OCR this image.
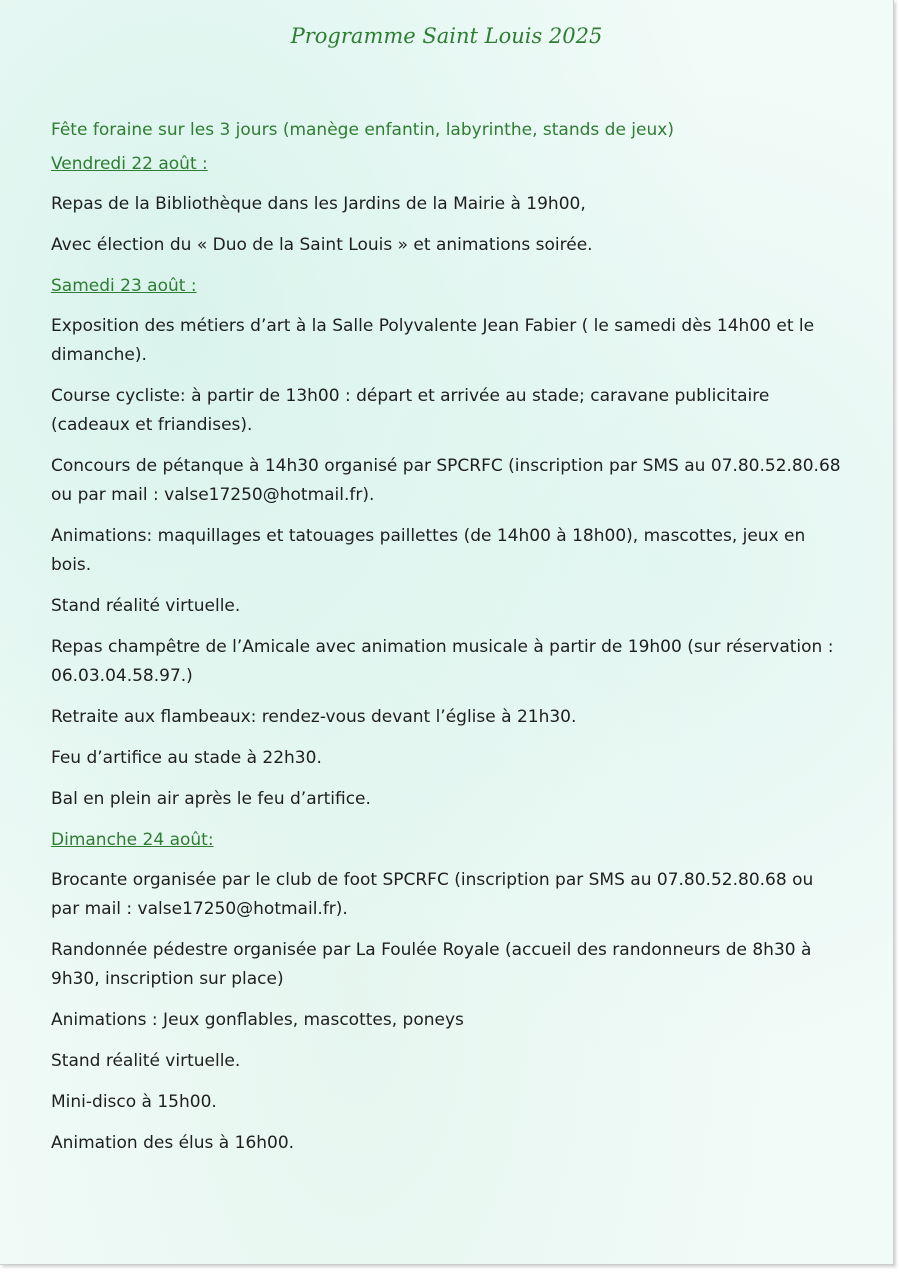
Programme Saint Louis 2025

Fête foraine sur les 3 jours (manège enfantin, labyrinthe, stands de jeux)

Vendredi 22 août :

Repas de la Bibliothèque dans les Jardins de la Mairie à 19h00,

Avec élection du « Duo de la Saint Louis » et animations soirée.

Samedi 23 août :

Exposition des métiers d’art à la Salle Polyvalente Jean Fabier ( le samedi dès 14h00 et le dimanche).

Course cycliste: à partir de 13h00 : départ et arrivée au stade; caravane publicitaire (cadeaux et friandises).

Concours de pétanque à 14h30 organisé par SPCRFC (inscription par SMS au 07.80.52.80.68 ou par mail : valse17250@hotmail.fr).

Animations: maquillages et tatouages paillettes (de 14h00 à 18h00), mascottes, jeux en bois.

Stand réalité virtuelle.

Repas champêtre de l’Amicale avec animation musicale à partir de 19h00 (sur réservation : 06.03.04.58.97.)

Retraite aux flambeaux: rendez-vous devant l’église à 21h30.

Feu d’artifice au stade à 22h30.

Bal en plein air après le feu d’artifice.

Dimanche 24 août:

Brocante organisée par le club de foot SPCRFC (inscription par SMS au 07.80.52.80.68 ou par mail : valse17250@hotmail.fr).

Randonnée pédestre organisée par La Foulée Royale (accueil des randonneurs de 8h30 à 9h30, inscription sur place)

Animations : Jeux gonflables, mascottes, poneys

Stand réalité virtuelle.

Mini-disco à 15h00.

Animation des élus à 16h00.
